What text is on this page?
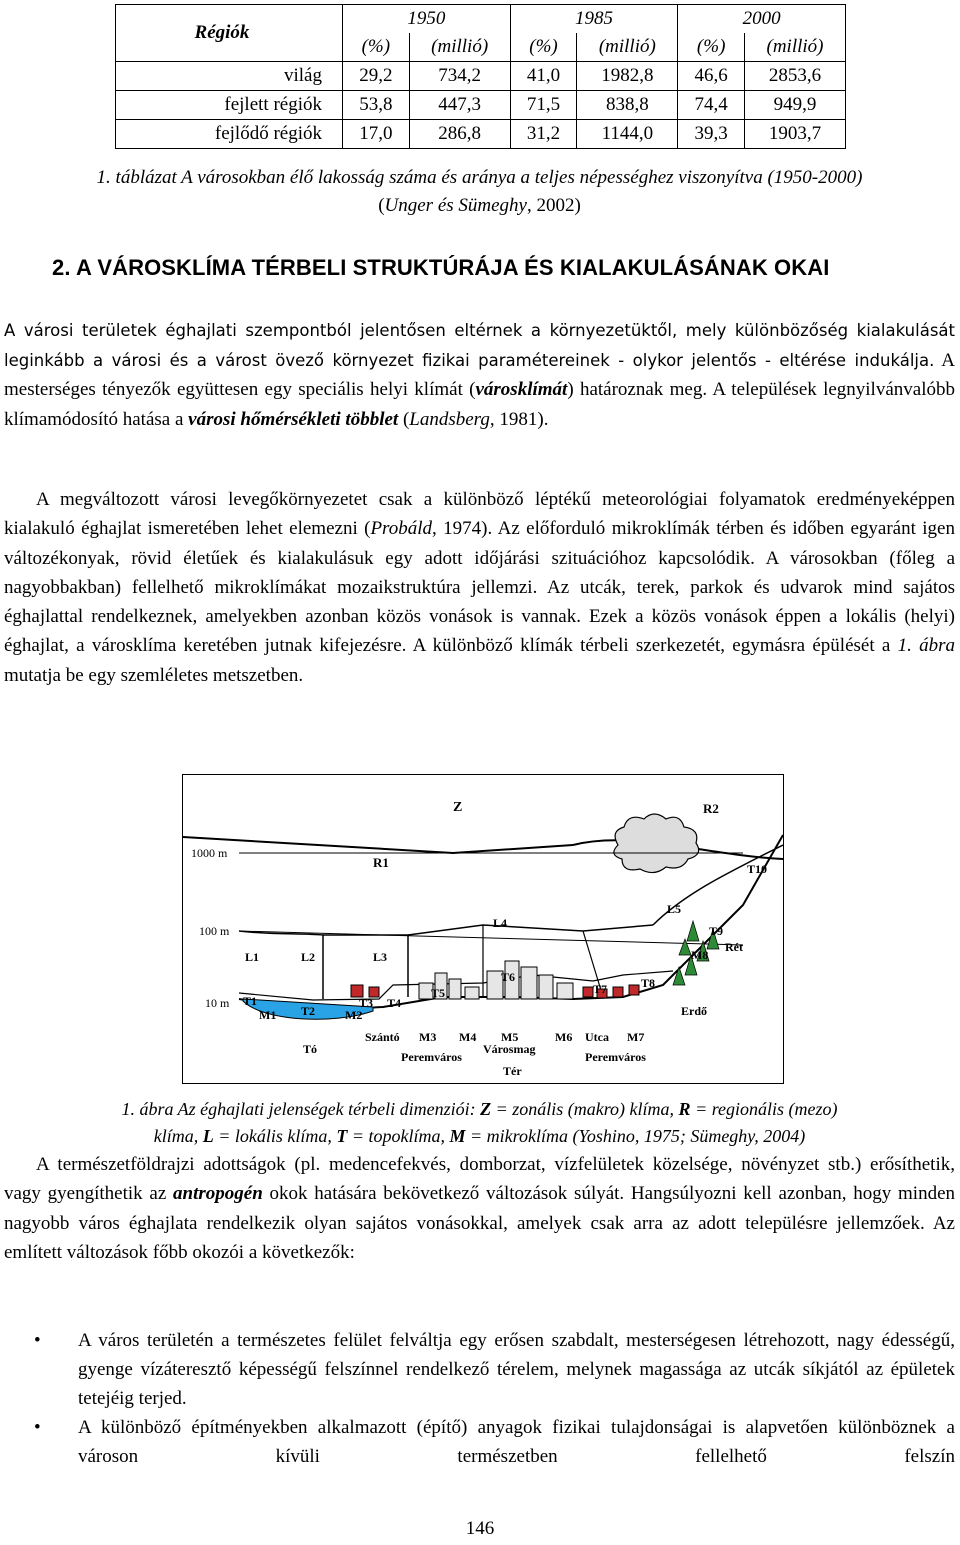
Régiók	1950		1985		2000	
	(%)	(millió)	(%)	(millió)	(%)	(millió)
világ	29,2	734,2	41,0	1982,8	46,6	2853,6
fejlett régiók	53,8	447,3	71,5	838,8	74,4	949,9
fejlődő régiók	17,0	286,8	31,2	1144,0	39,3	1903,7
1. táblázat A városokban élő lakosság száma és aránya a teljes népességhez viszonyítva (1950-2000)
(Unger és Sümeghy, 2002)
2. A VÁROSKLÍMA TÉRBELI STRUKTÚRÁJA ÉS KIALAKULÁSÁNAK OKAI

A városi területek éghajlati szempontból jelentősen eltérnek a környezetüktől, mely különbözőség kialakulását leginkább a városi és a várost övező környezet fizikai paramétereinek - olykor jelentős - eltérése indukálja. A mesterséges tényezők együttesen egy speciális helyi klímát (városklímát) határoznak meg. A települések legnyilvánvalóbb klímamódosító hatása a városi hőmérsékleti többlet (Landsberg, 1981).

A megváltozott városi levegőkörnyezetet csak a különböző léptékű meteorológiai folyamatok eredményeképpen kialakuló éghajlat ismeretében lehet elemezni (Probáld, 1974). Az előforduló mikroklímák térben és időben egyaránt igen változékonyak, rövid életűek és kialakulásuk egy adott időjárási szituációhoz kapcsolódik. A városokban (főleg a nagyobbakban) fellelhető mikroklímákat mozaikstruktúra jellemzi. Az utcák, terek, parkok és udvarok mind sajátos éghajlattal rendelkeznek, amelyekben azonban közös vonások is vannak. Ezek a közös vonások éppen a lokális (helyi) éghajlat, a városklíma keretében jutnak kifejezésre. A különböző klímák térbeli szerkezetét, egymásra épülését a 1. ábra mutatja be egy szemléletes metszetben.

Z	R2
R1
1000 m
100 m
10 m
T10
L1	L2	L3
L4
L5
T9
Rét
M8
T6
T7	T8
Erdő
T5
T1
M1 T2
T3 T4
M2
Szántó M3 M4 M5	M6 Utca M7
Tó	Városmag
Peremváros	Peremváros
Tér
1. ábra Az éghajlati jelenségek térbeli dimenziói: Z = zonális (makro) klíma, R = regionális (mezo)
klíma, L = lokális klíma, T = topoklíma, M = mikroklíma (Yoshino, 1975; Sümeghy, 2004)

A természetföldrajzi adottságok (pl. medencefekvés, domborzat, vízfelületek közelsége, növényzet stb.) erősíthetik, vagy gyengíthetik az antropogén okok hatására bekövetkező változások súlyát. Hangsúlyozni kell azonban, hogy minden nagyobb város éghajlata rendelkezik olyan sajátos vonásokkal, amelyek csak arra az adott településre jellemzőek. Az említett változások főbb okozói a következők:

• A város területén a természetes felület felváltja egy erősen szabdalt, mesterségesen létrehozott, nagy édességű, gyenge vízáteresztő képességű felszínnel rendelkező térelem, melynek magassága az utcák síkjától az épületek tetejéig terjed.
• A különböző építményekben alkalmazott (építő) anyagok fizikai tulajdonságai is alapvetően különböznek a városon kívüli természetben fellelhető felszín
146
